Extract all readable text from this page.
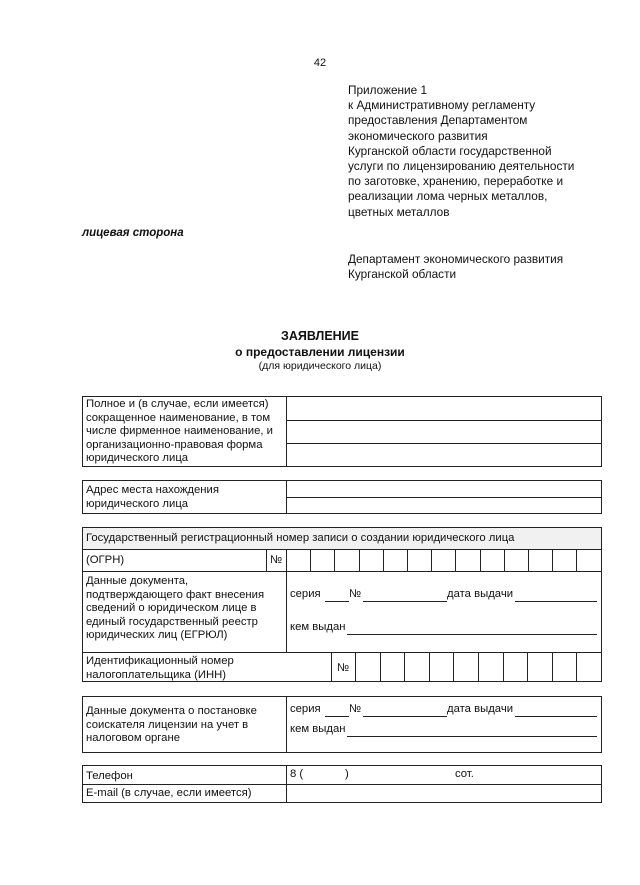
42
Приложение 1
к Административному регламенту
предоставления Департаментом
экономического развития
Курганской области государственной
услуги по лицензированию деятельности
по заготовке, хранению, переработке и
реализации лома черных металлов,
цветных металлов
лицевая сторона
Департамент экономического развития
Курганской области
ЗАЯВЛЕНИЕ
о предоставлении лицензии
(для юридического лица)
Полное и (в случае, если имеется)
сокращенное наименование, в том
числе фирменное наименование, и
организационно-правовая форма
юридического лица
Адрес места нахождения
юридического лица
Государственный регистрационный номер записи о создании юридического лица
(ОГРН)	№
Данные документа,
подтверждающего факт внесения
сведений о юридическом лице в
единый государственный реестр
юридических лиц (ЕГРЮЛ)
серия	№	дата выдачи
кем выдан
Идентификационный номер
налогоплательщика (ИНН)
№
Данные документа о постановке
соискателя лицензии на учет в
налоговом органе
серия	№	дата выдачи
кем выдан
Телефон	8 (	)	сот.
E-mail (в случае, если имеется)
